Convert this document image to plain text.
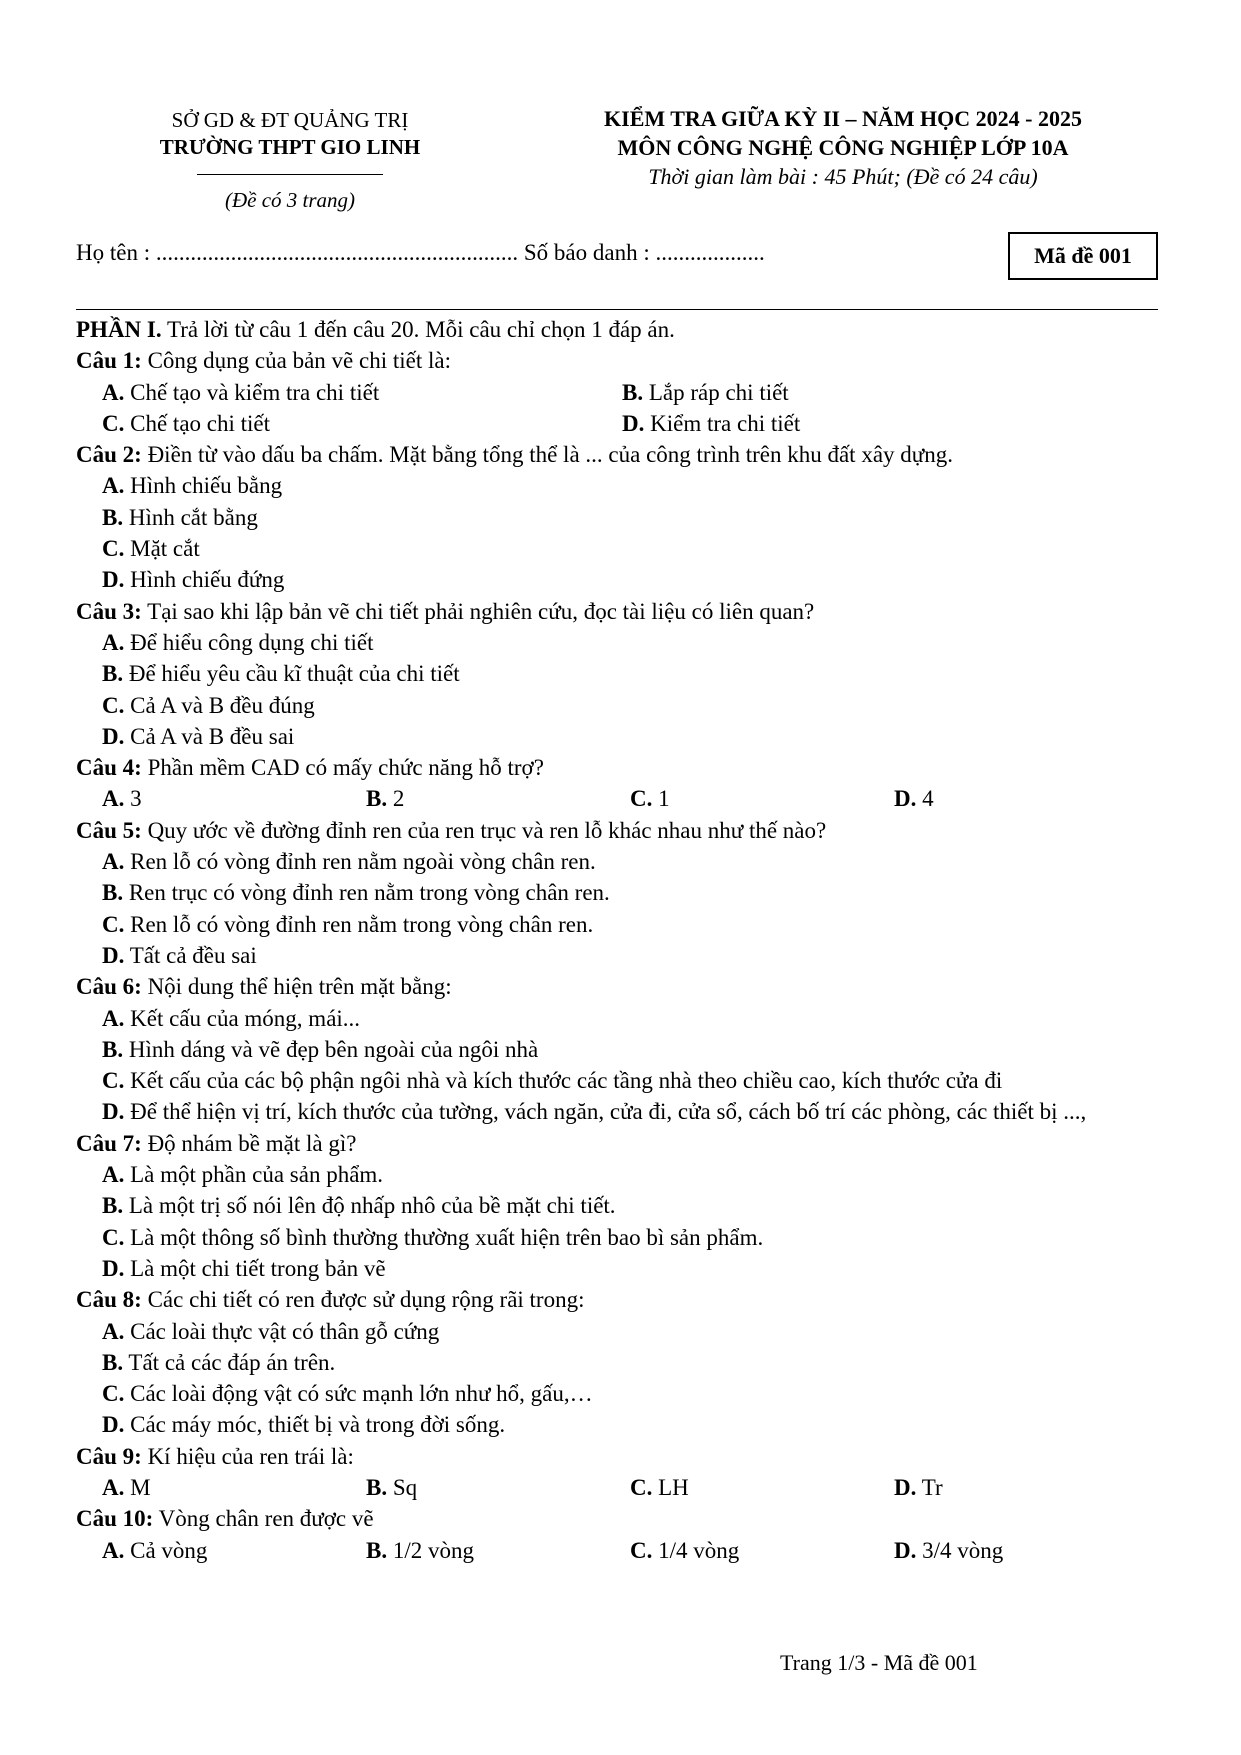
SỞ GD & ĐT QUẢNG TRỊ
TRƯỜNG THPT GIO LINH
(Đề có 3 trang)
KIỂM TRA GIỮA KỲ II – NĂM HỌC 2024 - 2025
MÔN CÔNG NGHỆ CÔNG NGHIỆP LỚP 10A
Thời gian làm bài : 45 Phút; (Đề có 24 câu)
Họ tên : ............................................................... Số báo danh : ...................	Mã đề 001
PHẦN I. Trả lời từ câu 1 đến câu 20. Mỗi câu chỉ chọn 1 đáp án.
Câu 1: Công dụng của bản vẽ chi tiết là:
A. Chế tạo và kiểm tra chi tiết	B. Lắp ráp chi tiết
C. Chế tạo chi tiết	D. Kiểm tra chi tiết
Câu 2: Điền từ vào dấu ba chấm. Mặt bằng tổng thể là ... của công trình trên khu đất xây dựng.
A. Hình chiếu bằng
B. Hình cắt bằng
C. Mặt cắt
D. Hình chiếu đứng
Câu 3: Tại sao khi lập bản vẽ chi tiết phải nghiên cứu, đọc tài liệu có liên quan?
A. Để hiểu công dụng chi tiết
B. Để hiểu yêu cầu kĩ thuật của chi tiết
C. Cả A và B đều đúng
D. Cả A và B đều sai
Câu 4: Phần mềm CAD có mấy chức năng hỗ trợ?
A. 3	B. 2	C. 1	D. 4
Câu 5: Quy ước về đường đỉnh ren của ren trục và ren lỗ khác nhau như thế nào?
A. Ren lỗ có vòng đỉnh ren nằm ngoài vòng chân ren.
B. Ren trục có vòng đỉnh ren nằm trong vòng chân ren.
C. Ren lỗ có vòng đỉnh ren nằm trong vòng chân ren.
D. Tất cả đều sai
Câu 6: Nội dung thể hiện trên mặt bằng:
A. Kết cấu của móng, mái...
B. Hình dáng và vẽ đẹp bên ngoài của ngôi nhà
C. Kết cấu của các bộ phận ngôi nhà và kích thước các tầng nhà theo chiều cao, kích thước cửa đi
D. Để thể hiện vị trí, kích thước của tường, vách ngăn, cửa đi, cửa sổ, cách bố trí các phòng, các thiết bị ...,
Câu 7: Độ nhám bề mặt là gì?
A. Là một phần của sản phẩm.
B. Là một trị số nói lên độ nhấp nhô của bề mặt chi tiết.
C. Là một thông số bình thường thường xuất hiện trên bao bì sản phẩm.
D. Là một chi tiết trong bản vẽ
Câu 8: Các chi tiết có ren được sử dụng rộng rãi trong:
A. Các loài thực vật có thân gỗ cứng
B. Tất cả các đáp án trên.
C. Các loài động vật có sức mạnh lớn như hổ, gấu,…
D. Các máy móc, thiết bị và trong đời sống.
Câu 9: Kí hiệu của ren trái là:
A. M	B. Sq	C. LH	D. Tr
Câu 10: Vòng chân ren được vẽ
A. Cả vòng	B. 1/2 vòng	C. 1/4 vòng	D. 3/4 vòng
Trang 1/3 - Mã đề 001
